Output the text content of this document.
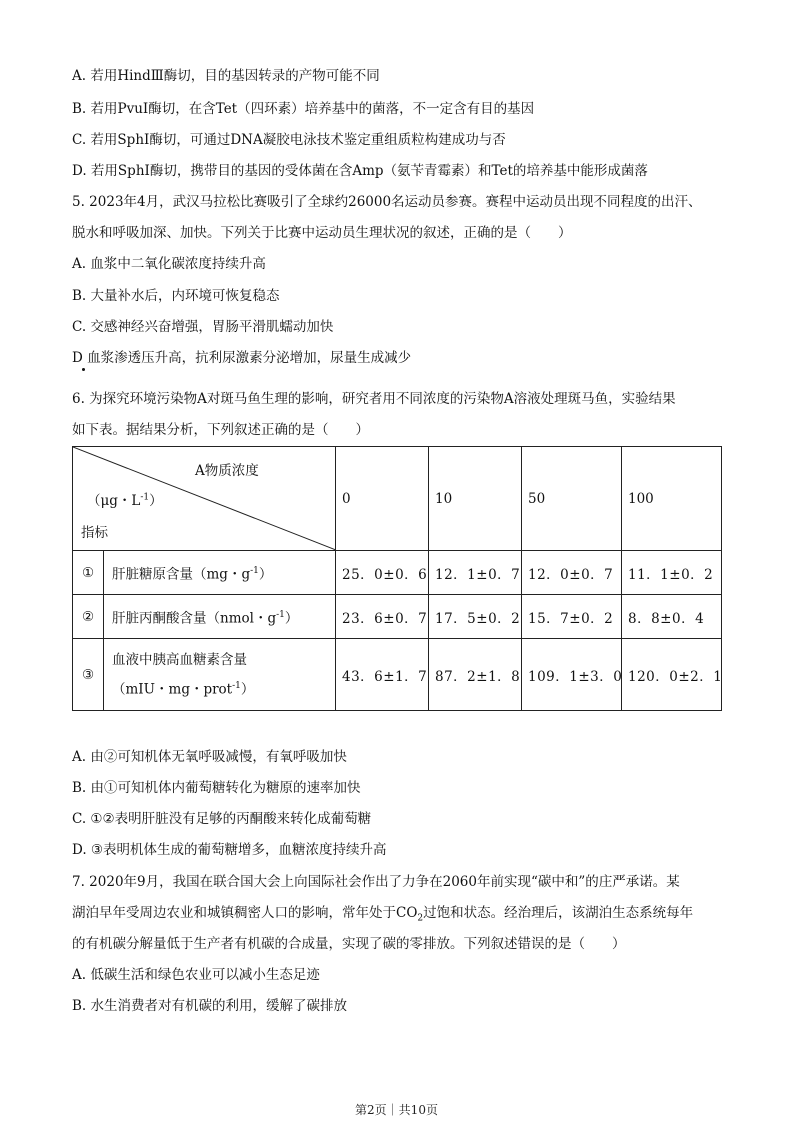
A. 若用HindⅢ酶切，目的基因转录的产物可能不同
B. 若用PvuⅠ酶切，在含Tet（四环素）培养基中的菌落，不一定含有目的基因
C. 若用SphⅠ酶切，可通过DNA凝胶电泳技术鉴定重组质粒构建成功与否
D. 若用SphⅠ酶切，携带目的基因的受体菌在含Amp（氨苄青霉素）和Tet的培养基中能形成菌落
5. 2023年4月，武汉马拉松比赛吸引了全球约26000名运动员参赛。赛程中运动员出现不同程度的出汗、
脱水和呼吸加深、加快。下列关于比赛中运动员生理状况的叙述，正确的是（　　）
A. 血浆中二氧化碳浓度持续升高
B. 大量补水后，内环境可恢复稳态
C. 交感神经兴奋增强，胃肠平滑肌蠕动加快
D 血浆渗透压升高，抗利尿激素分泌增加，尿量生成减少
6. 为探究环境污染物A对斑马鱼生理的影响，研究者用不同浓度的污染物A溶液处理斑马鱼，实验结果
如下表。据结果分析，下列叙述正确的是（　　）
A物质浓度
（μg・$L^{-1}$）
指标		0	10	50	100
①	肝脏糖原含量（mg・$g^{-1}$）	25．0±0．6	12．1±0．7	12．0±0．7	11．1±0．2
②	肝脏丙酮酸含量（nmol・$g^{-1}$）	23．6±0．7	17．5±0．2	15．7±0．2	8．8±0．4
③	血液中胰高血糖素含量
（mIU・mg・prot$^{-1}$）	43．6±1．7	87．2±1．8	109．1±3．0	120．0±2．1
A. 由②可知机体无氧呼吸减慢，有氧呼吸加快
B. 由①可知机体内葡萄糖转化为糖原的速率加快
C. ①②表明肝脏没有足够的丙酮酸来转化成葡萄糖
D. ③表明机体生成的葡萄糖增多，血糖浓度持续升高
7. 2020年9月，我国在联合国大会上向国际社会作出了力争在2060年前实现“碳中和”的庄严承诺。某
湖泊早年受周边农业和城镇稠密人口的影响，常年处于$CO_2$过饱和状态。经治理后，该湖泊生态系统每年
的有机碳分解量低于生产者有机碳的合成量，实现了碳的零排放。下列叙述错误的是（　　）
A. 低碳生活和绿色农业可以减小生态足迹
B. 水生消费者对有机碳的利用，缓解了碳排放
第2页｜共10页
